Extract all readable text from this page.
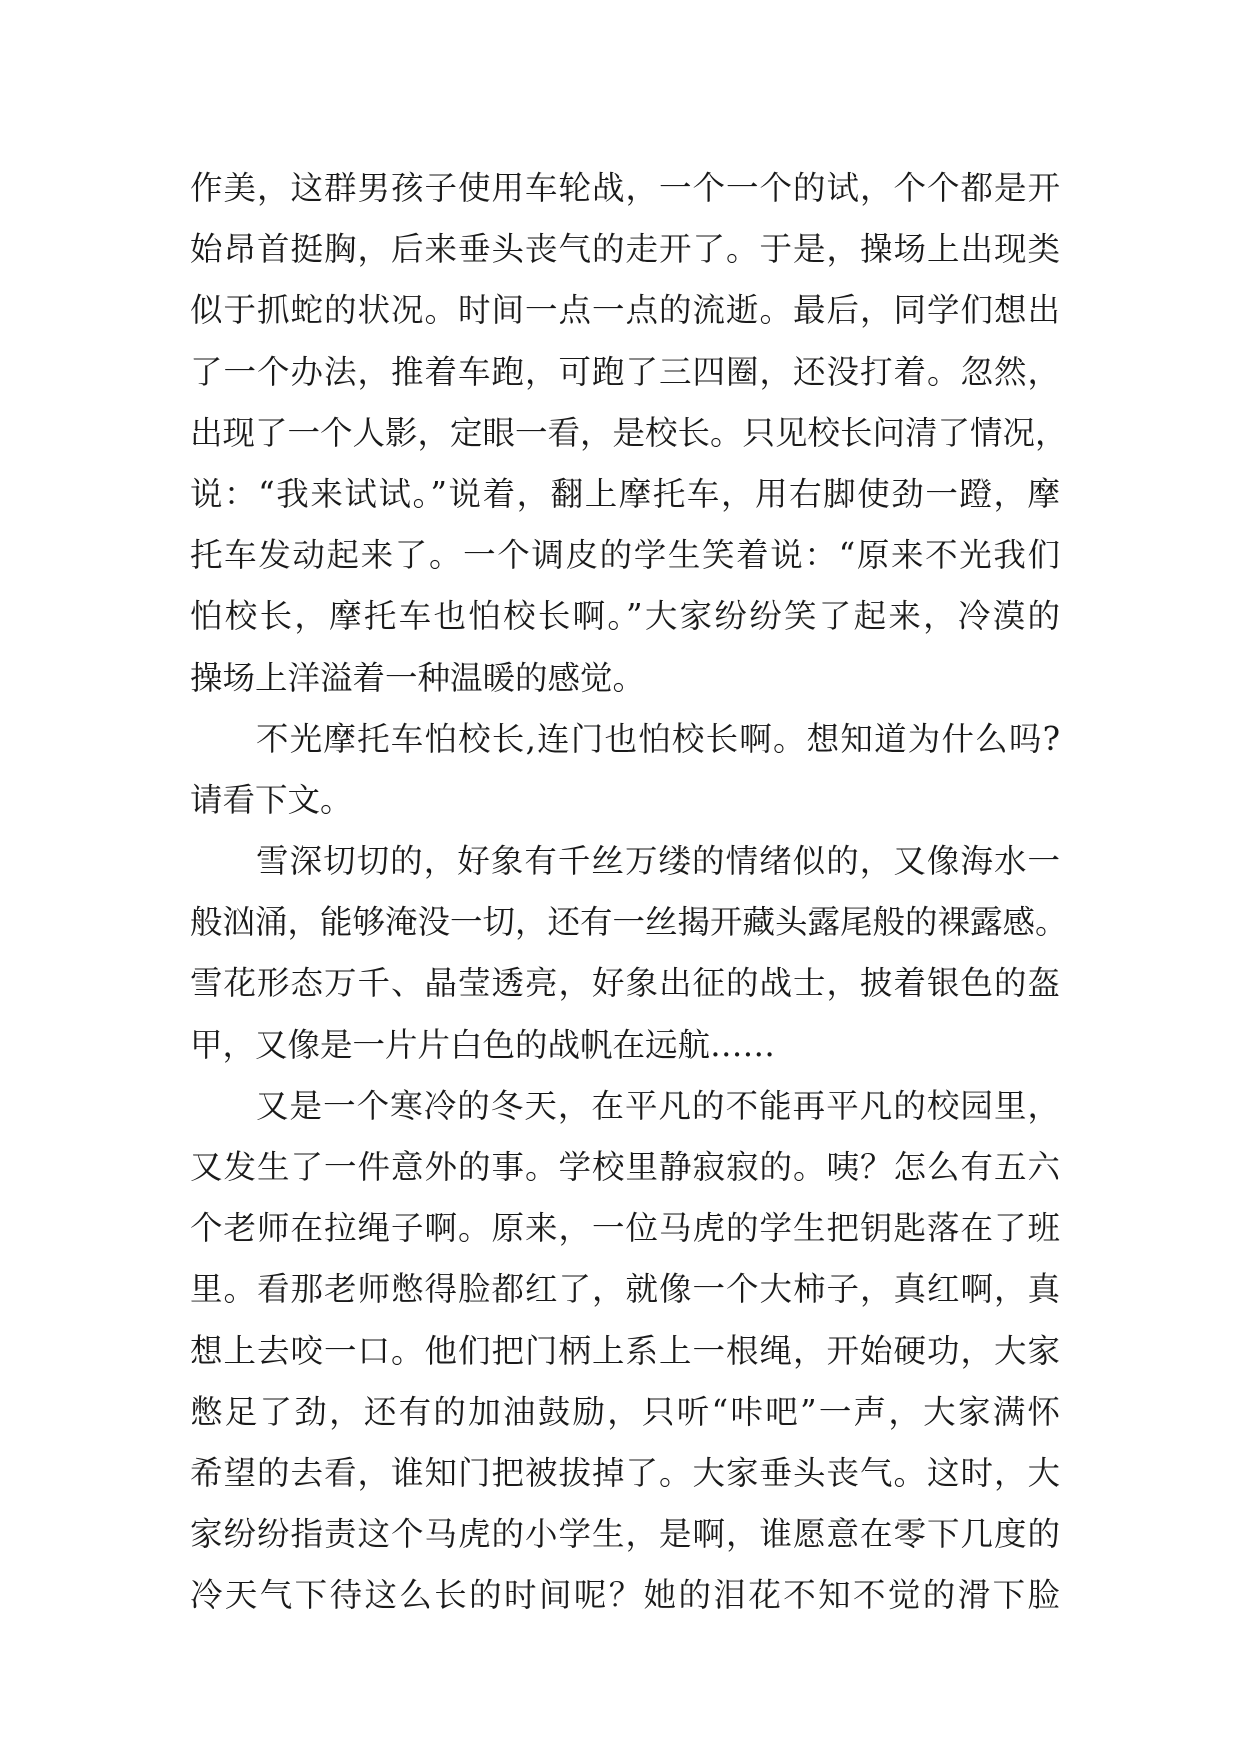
作美，这群男孩子使用车轮战，一个一个的试，个个都是开
始昂首挺胸，后来垂头丧气的走开了。于是，操场上出现类
似于抓蛇的状况。时间一点一点的流逝。最后，同学们想出
了一个办法，推着车跑，可跑了三四圈，还没打着。忽然，
出现了一个人影，定眼一看，是校长。只见校长问清了情况，
说：“我来试试。”说着，翻上摩托车，用右脚使劲一蹬，摩
托车发动起来了。一个调皮的学生笑着说：“原来不光我们
怕校长，摩托车也怕校长啊。”大家纷纷笑了起来，冷漠的
操场上洋溢着一种温暖的感觉。
不光摩托车怕校长,连门也怕校长啊。想知道为什么吗?
请看下文。
雪深切切的，好象有千丝万缕的情绪似的，又像海水一
般汹涌，能够淹没一切，还有一丝揭开藏头露尾般的裸露感。
雪花形态万千、晶莹透亮，好象出征的战士，披着银色的盔
甲，又像是一片片白色的战帆在远航……
又是一个寒冷的冬天，在平凡的不能再平凡的校园里，
又发生了一件意外的事。学校里静寂寂的。咦？怎么有五六
个老师在拉绳子啊。原来，一位马虎的学生把钥匙落在了班
里。看那老师憋得脸都红了，就像一个大柿子，真红啊，真
想上去咬一口。他们把门柄上系上一根绳，开始硬功，大家
憋足了劲，还有的加油鼓励，只听“咔吧”一声，大家满怀
希望的去看，谁知门把被拔掉了。大家垂头丧气。这时，大
家纷纷指责这个马虎的小学生，是啊，谁愿意在零下几度的
冷天气下待这么长的时间呢？她的泪花不知不觉的滑下脸
